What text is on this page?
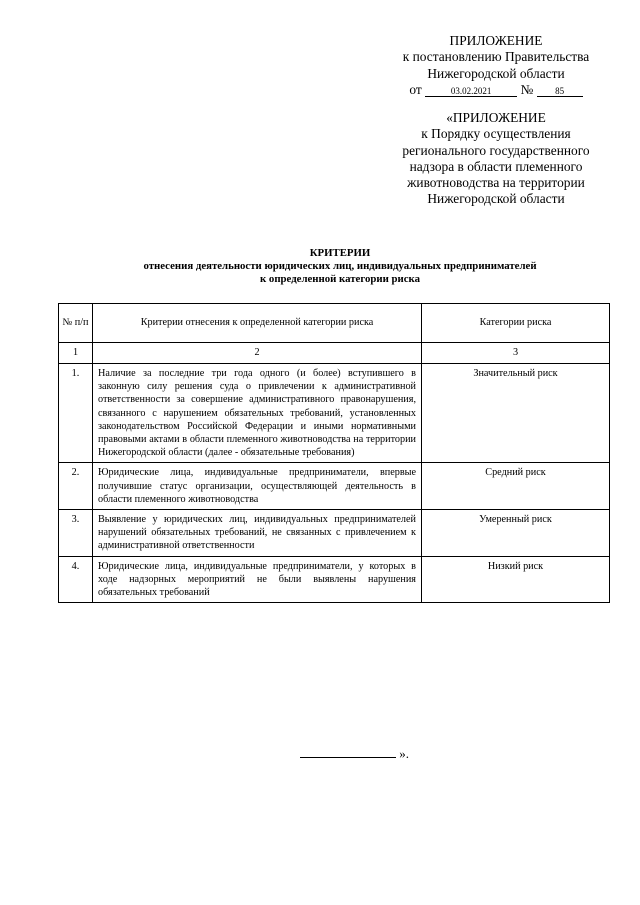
ПРИЛОЖЕНИЕ
к постановлению Правительства
Нижегородской области
от	03.02.2021 № 85
«ПРИЛОЖЕНИЕ
к Порядку осуществления
регионального государственного
надзора в области племенного
животноводства на территории
Нижегородской области
КРИТЕРИИ
отнесения деятельности юридических лиц, индивидуальных предпринимателей
к определенной категории риска
№ п/п	Критерии отнесения к определенной категории риска	Категории риска
1	2	3
1.	Наличие за последние три года одного (и более) вступившего в законную силу решения суда о привлечении к административной ответственности за совершение административного правонарушения, связанного с нарушением обязательных требований, установленных законодательством Российской Федерации и иными нормативными правовыми актами в области племенного животноводства на территории Нижегородской области (далее - обязательные требования)	Значительный риск
2.	Юридические лица, индивидуальные предприниматели, впервые получившие статус организации, осуществляющей деятельность в области племенного животноводства	Средний риск
3.	Выявление у юридических лиц, индивидуальных предпринимателей нарушений обязательных требований, не связанных с привлечением к административной ответственности	Умеренный риск
4.	Юридические лица, индивидуальные предприниматели, у которых в ходе надзорных мероприятий не были выявлены нарушения обязательных требований	Низкий риск
».
